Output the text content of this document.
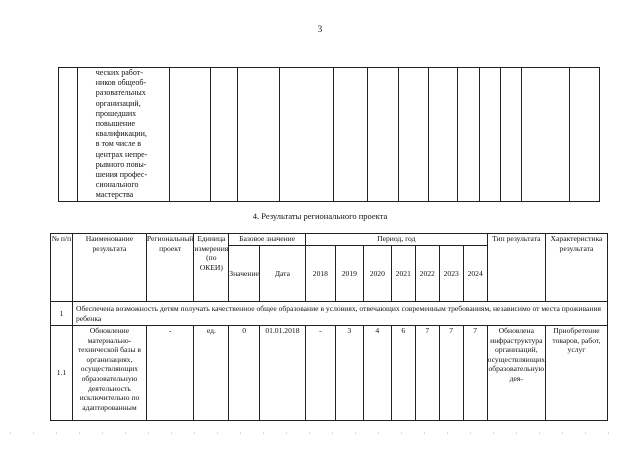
3

ческих работ-
ников общеоб-
разовательных
организаций,
прошедших
повышение
квалификации,
в том числе в
центрах непре-
рывного повы-
шения профес-
сионального
мастерства

4. Результаты регионального проекта
№ п/п	Наименование результата	Региональный проект	Единица измерения (по ОКЕИ)	Базовое значение		Период, год							Тип результата	Характеристика результата
				Значение	Дата	2018	2019	2020	2021	2022	2023	2024		
1	Обеспечена возможность детям получать качественное общее образование в условиях, отвечающих современным требованиям, независимо от места проживания ребенка													
1.1	Обновление материально-технической базы в организациях, осуществляющих образовательную деятельность исключительно по адаптированным	-	ед.	0	01.01.2018	-	3	4	6	7	7	7	Обновлена инфраструктура организаций, осуществляющих образовательную дея-	Приобретение товаров, работ, услуг
